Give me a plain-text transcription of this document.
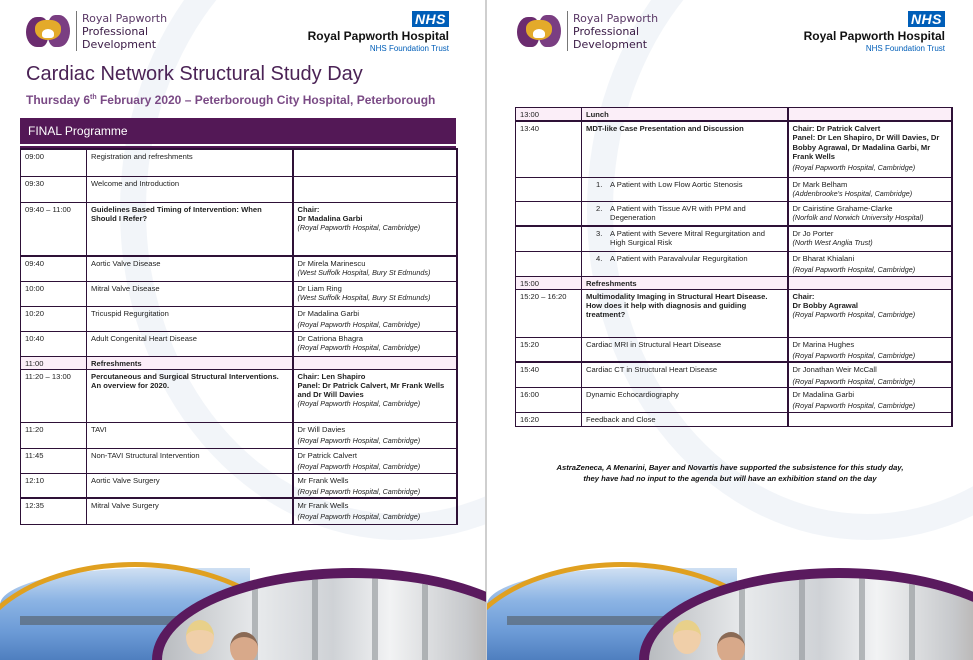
Royal Papworth
Professional
Development
NHS
Royal Papworth Hospital
NHS Foundation Trust
Cardiac Network Structural Study Day
Thursday 6th February 2020 – Peterborough City Hospital, Peterborough
FINAL Programme
09:00	Registration and refreshments	
09:30	Welcome and Introduction	
09:40 – 11:00	Guidelines Based Timing of Intervention: When Should I Refer?	Chair:
Dr Madalina Garbi
(Royal Papworth Hospital, Cambridge)

09:40	Aortic Valve Disease	Dr Mirela Marinescu
(West Suffolk Hospital, Bury St Edmunds)

10:00	Mitral Valve Disease	Dr Liam Ring
(West Suffolk Hospital, Bury St Edmunds)

10:20	Tricuspid Regurgitation	Dr Madalina Garbi
(Royal Papworth Hospital, Cambridge)

10:40	Adult Congenital Heart Disease	Dr Catriona Bhagra
(Royal Papworth Hospital, Cambridge)

11:00	Refreshments	
11:20 – 13:00	Percutaneous and Surgical Structural Interventions. An overview for 2020.	Chair: Len Shapiro
Panel: Dr Patrick Calvert, Mr Frank Wells and Dr Will Davies
(Royal Papworth Hospital, Cambridge)

11:20	TAVI	Dr Will Davies
(Royal Papworth Hospital, Cambridge)

11:45	Non-TAVI Structural Intervention	Dr Patrick Calvert
(Royal Papworth Hospital, Cambridge)

12:10	Aortic Valve Surgery	Mr Frank Wells
(Royal Papworth Hospital, Cambridge)

12:35	Mitral Valve Surgery	Mr Frank Wells
(Royal Papworth Hospital, Cambridge)
Royal Papworth
Professional
Development
NHS
Royal Papworth Hospital
NHS Foundation Trust
13:00	Lunch	
13:40	MDT-like Case Presentation and Discussion	Chair: Dr Patrick Calvert
Panel: Dr Len Shapiro, Dr Will Davies, Dr Bobby Agrawal, Dr Madalina Garbi, Mr Frank Wells
(Royal Papworth Hospital, Cambridge)

	1. A Patient with Low Flow Aortic Stenosis	Dr Mark Belham
(Addenbrooke's Hospital, Cambridge)

	2. A Patient with Tissue AVR with PPM and Degeneration	Dr Cairistine Grahame-Clarke
(Norfolk and Norwich University Hospital)

	3. A Patient with Severe Mitral Regurgitation and High Surgical Risk	Dr Jo Porter
(North West Anglia Trust)

	4. A Patient with Paravalvular Regurgitation	Dr Bharat Khialani
(Royal Papworth Hospital, Cambridge)

15:00	Refreshments	
15:20 – 16:20	Multimodality Imaging in Structural Heart Disease. How does it help with diagnosis and guiding treatment?	Chair:
Dr Bobby Agrawal
(Royal Papworth Hospital, Cambridge)

15:20	Cardiac MRI in Structural Heart Disease	Dr Marina Hughes
(Royal Papworth Hospital, Cambridge)

15:40	Cardiac CT in Structural Heart Disease	Dr Jonathan Weir McCall
(Royal Papworth Hospital, Cambridge)

16:00	Dynamic Echocardiography	Dr Madalina Garbi
(Royal Papworth Hospital, Cambridge)

16:20	Feedback and Close	
AstraZeneca, A Menarini, Bayer and Novartis have supported the subsistence for this study day,
they have had no input to the agenda but will have an exhibition stand on the day
